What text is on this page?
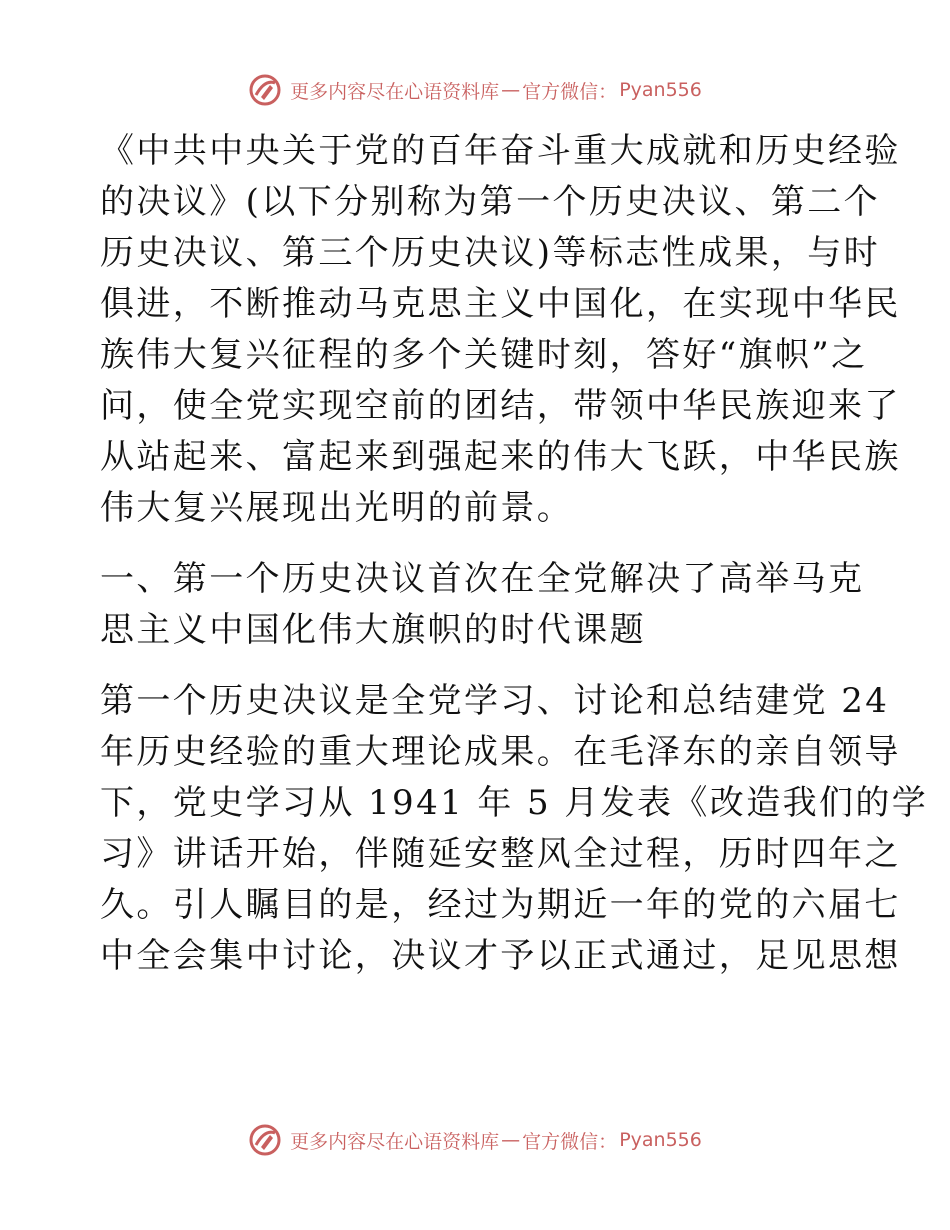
更多内容尽在心语资料库 — 官方微信： Pyan556
《中共中央关于党的百年奋斗重大成就和历史经验
的决议》(以下分别称为第一个历史决议、第二个
历史决议、第三个历史决议)等标志性成果，与时
俱进，不断推动马克思主义中国化，在实现中华民
族伟大复兴征程的多个关键时刻，答好“旗帜”之
问，使全党实现空前的团结，带领中华民族迎来了
从站起来、富起来到强起来的伟大飞跃，中华民族
伟大复兴展现出光明的前景。
一、第一个历史决议首次在全党解决了高举马克
思主义中国化伟大旗帜的时代课题
第一个历史决议是全党学习、讨论和总结建党 24
年历史经验的重大理论成果。在毛泽东的亲自领导
下，党史学习从 1941 年 5 月发表《改造我们的学
习》讲话开始，伴随延安整风全过程，历时四年之
久。引人瞩目的是，经过为期近一年的党的六届七
中全会集中讨论，决议才予以正式通过，足见思想
更多内容尽在心语资料库 — 官方微信： Pyan556
